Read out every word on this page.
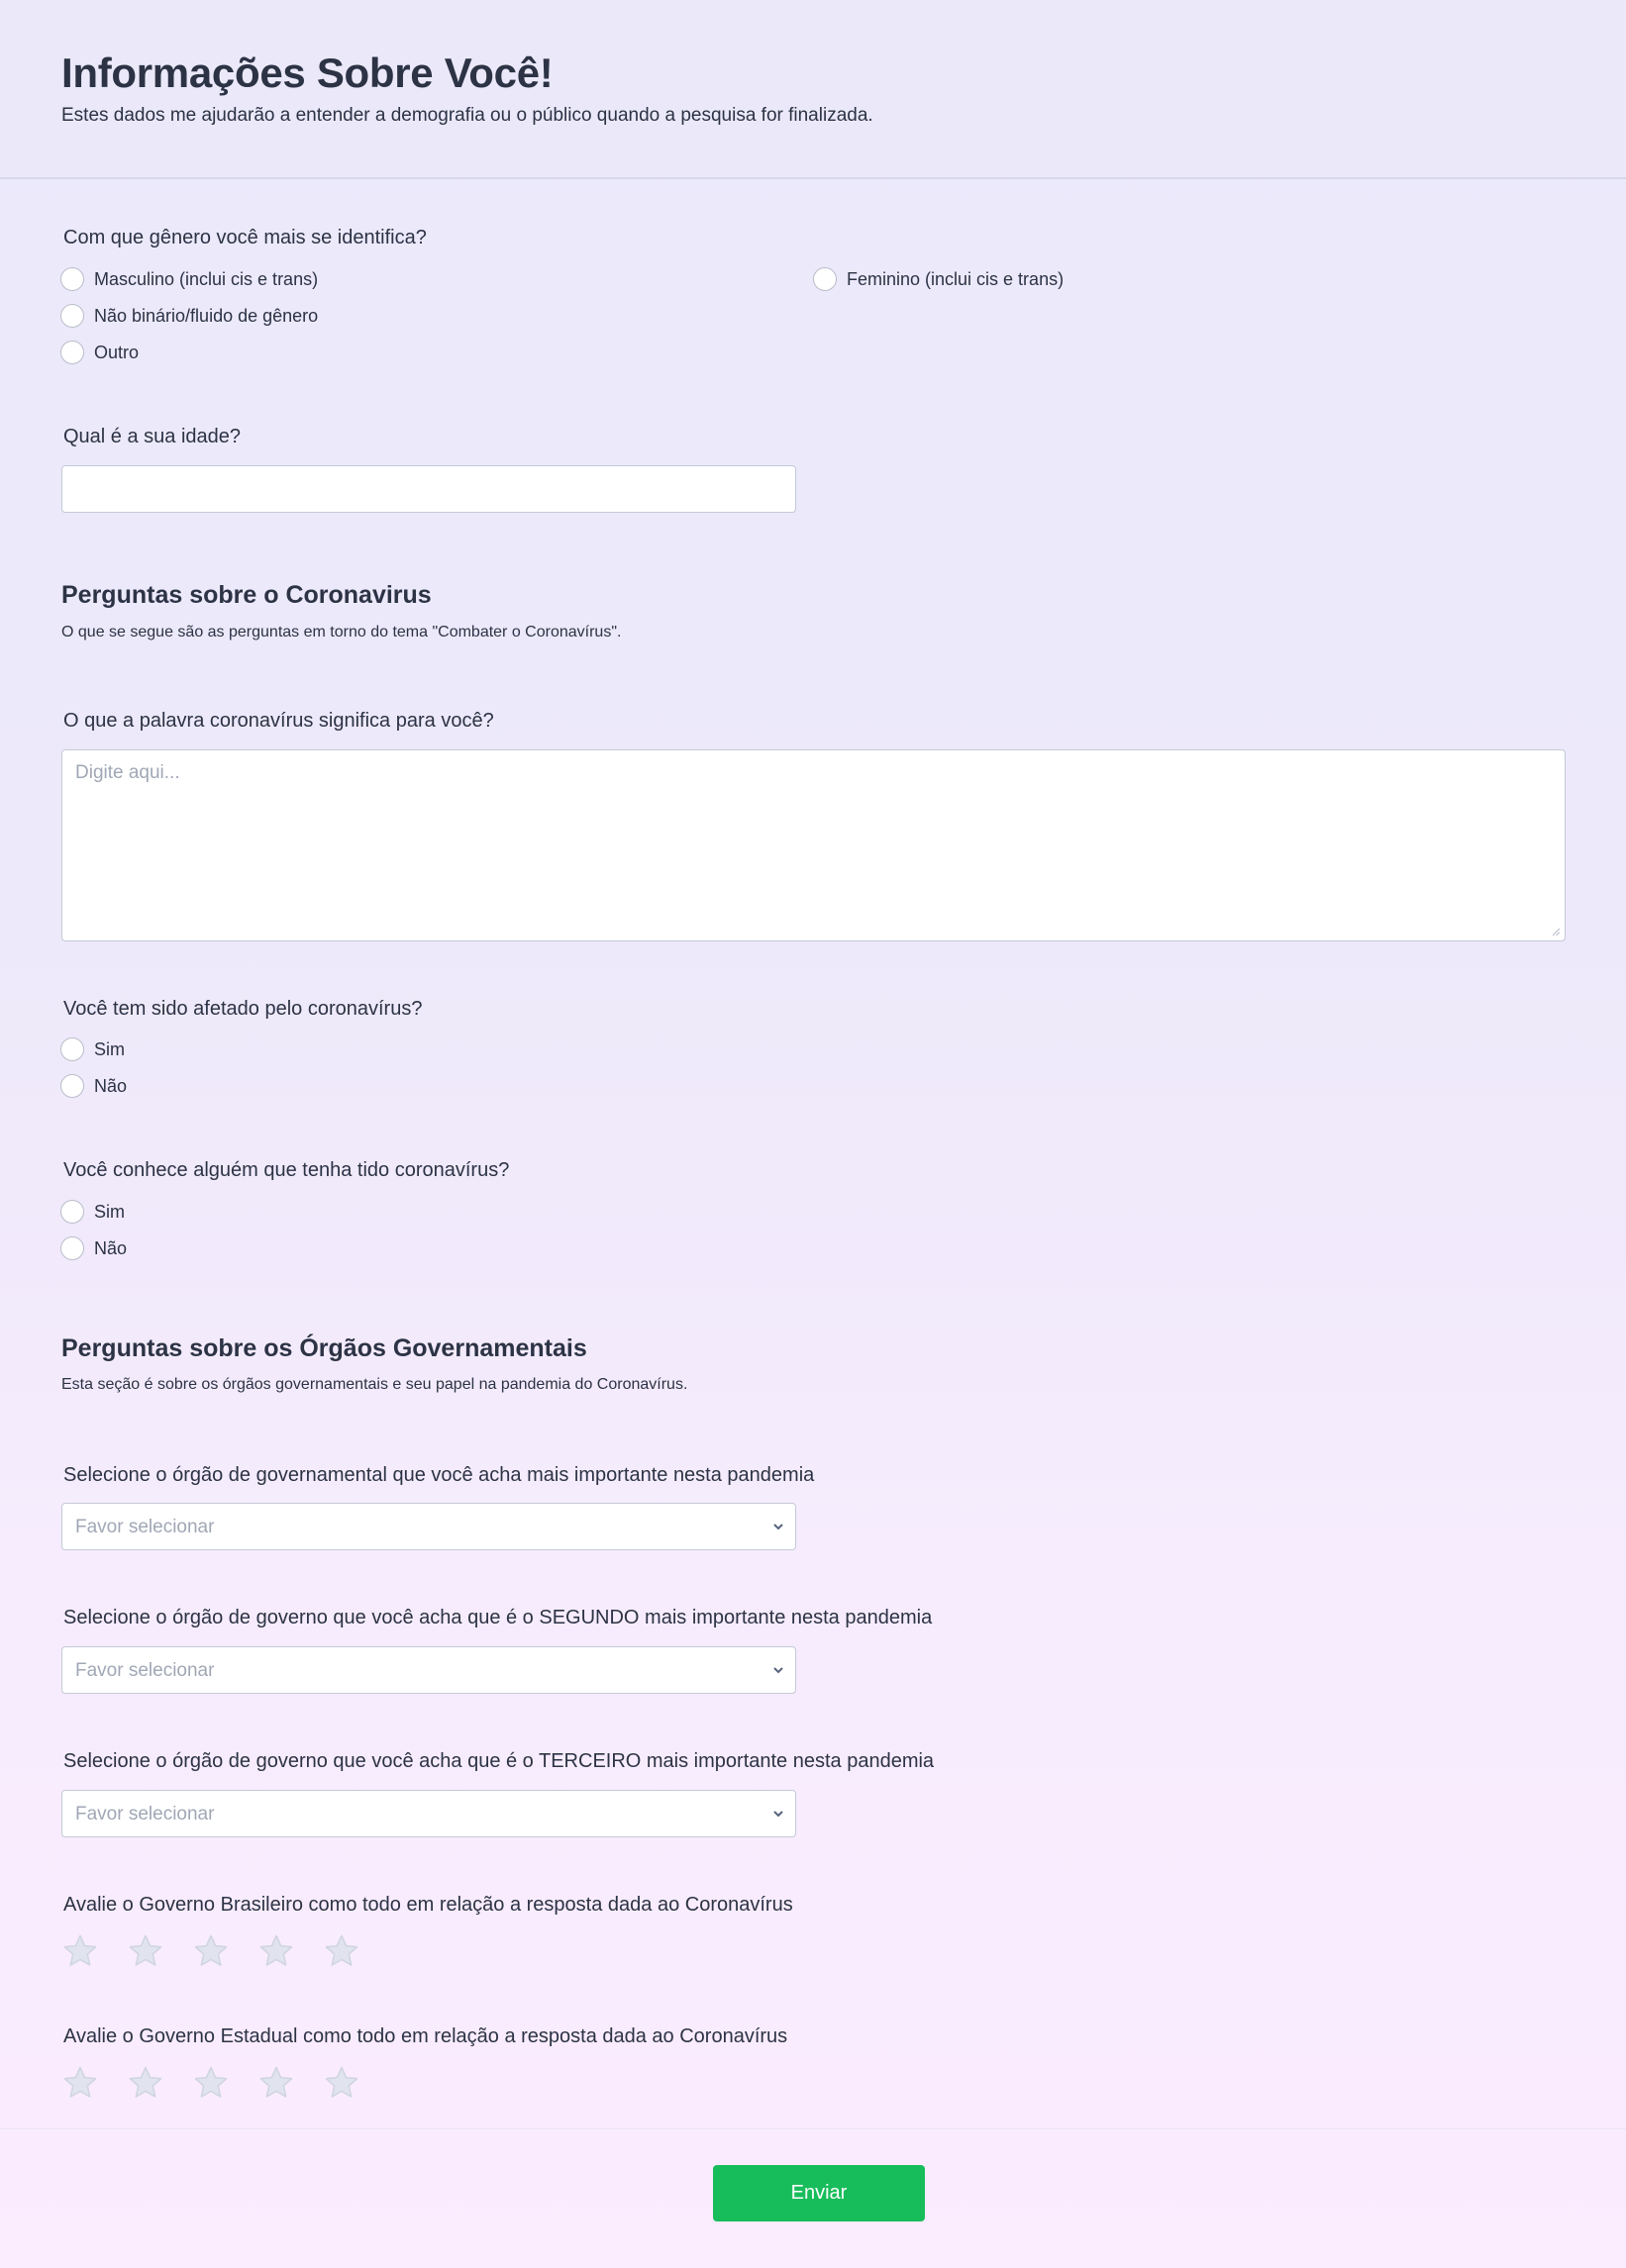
Informações Sobre Você!

Estes dados me ajudarão a entender a demografia ou o público quando a pesquisa for finalizada.

Com que gênero você mais se identifica?
Masculino (inclui cis e trans)	Feminino (inclui cis e trans)
Não binário/fluido de gênero
Outro
Qual é a sua idade?
Perguntas sobre o Coronavirus
O que se segue são as perguntas em torno do tema "Combater o Coronavírus".
O que a palavra coronavírus significa para você?
Digite aqui...
Você tem sido afetado pelo coronavírus?
Sim
Não
Você conhece alguém que tenha tido coronavírus?
Sim
Não
Perguntas sobre os Órgãos Governamentais
Esta seção é sobre os órgãos governamentais e seu papel na pandemia do Coronavírus.
Selecione o órgão de governamental que você acha mais importante nesta pandemia
Favor selecionar
Selecione o órgão de governo que você acha que é o SEGUNDO mais importante nesta pandemia
Favor selecionar
Selecione o órgão de governo que você acha que é o TERCEIRO mais importante nesta pandemia
Favor selecionar
Avalie o Governo Brasileiro como todo em relação a resposta dada ao Coronavírus
Avalie o Governo Estadual como todo em relação a resposta dada ao Coronavírus
Enviar
